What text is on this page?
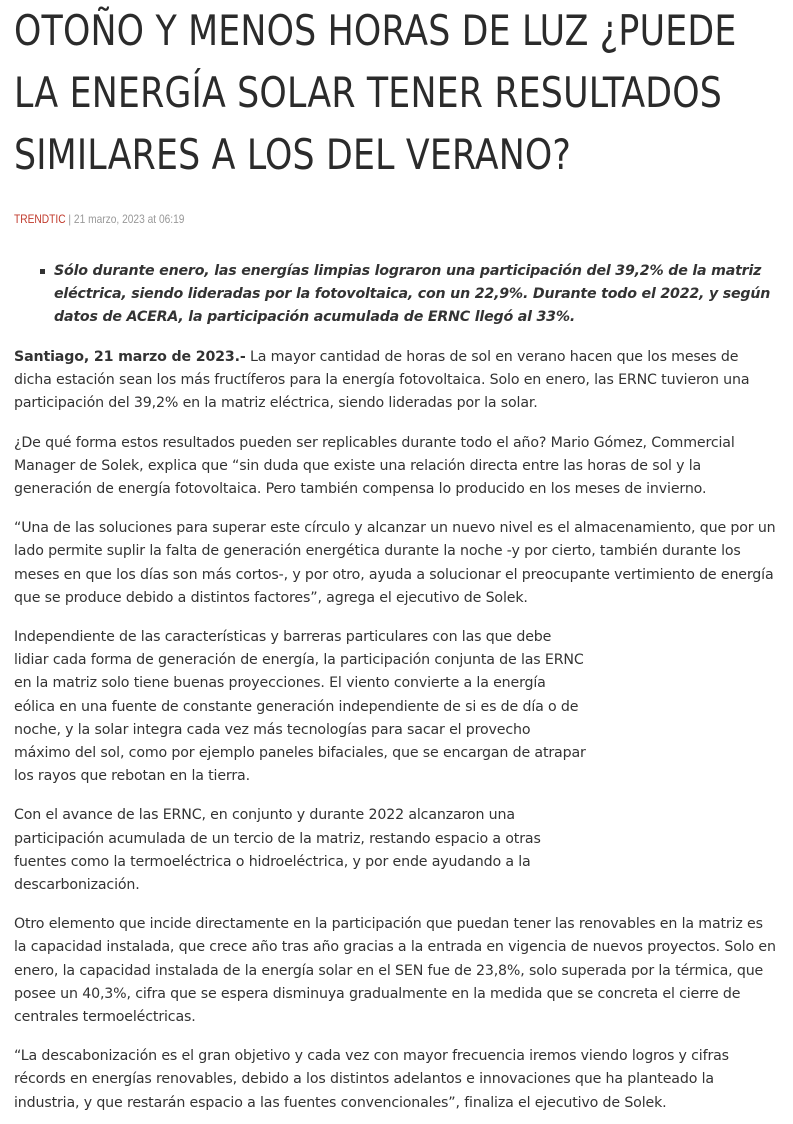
OTOÑO Y MENOS HORAS DE LUZ ¿PUEDE LA ENERGÍA SOLAR TENER RESULTADOS SIMILARES A LOS DEL VERANO?
TRENDTIC | 21 marzo, 2023 at 06:19
Sólo durante enero, las energías limpias lograron una participación del 39,2% de la matriz eléctrica, siendo lideradas por la fotovoltaica, con un 22,9%. Durante todo el 2022, y según datos de ACERA, la participación acumulada de ERNC llegó al 33%.

Santiago, 21 marzo de 2023.- La mayor cantidad de horas de sol en verano hacen que los meses de dicha estación sean los más fructíferos para la energía fotovoltaica. Solo en enero, las ERNC tuvieron una participación del 39,2% en la matriz eléctrica, siendo lideradas por la solar.

¿De qué forma estos resultados pueden ser replicables durante todo el año? Mario Gómez, Commercial Manager de Solek, explica que “sin duda que existe una relación directa entre las horas de sol y la generación de energía fotovoltaica. Pero también compensa lo producido en los meses de invierno.

“Una de las soluciones para superar este círculo y alcanzar un nuevo nivel es el almacenamiento, que por un lado permite suplir la falta de generación energética durante la noche -y por cierto, también durante los meses en que los días son más cortos-, y por otro, ayuda a solucionar el preocupante vertimiento de energía que se produce debido a distintos factores”, agrega el ejecutivo de Solek.

Independiente de las características y barreras particulares con las que debe lidiar cada forma de generación de energía, la participación conjunta de las ERNC en la matriz solo tiene buenas proyecciones. El viento convierte a la energía eólica en una fuente de constante generación independiente de si es de día o de noche, y la solar integra cada vez más tecnologías para sacar el provecho máximo del sol, como por ejemplo paneles bifaciales, que se encargan de atrapar los rayos que rebotan en la tierra.

Con el avance de las ERNC, en conjunto y durante 2022 alcanzaron una participación acumulada de un tercio de la matriz, restando espacio a otras fuentes como la termoeléctrica o hidroeléctrica, y por ende ayudando a la descarbonización.

Otro elemento que incide directamente en la participación que puedan tener las renovables en la matriz es la capacidad instalada, que crece año tras año gracias a la entrada en vigencia de nuevos proyectos. Solo en enero, la capacidad instalada de la energía solar en el SEN fue de 23,8%, solo superada por la térmica, que posee un 40,3%, cifra que se espera disminuya gradualmente en la medida que se concreta el cierre de centrales termoeléctricas.

“La descabonización es el gran objetivo y cada vez con mayor frecuencia iremos viendo logros y cifras récords en energías renovables, debido a los distintos adelantos e innovaciones que ha planteado la industria, y que restarán espacio a las fuentes convencionales”, finaliza el ejecutivo de Solek.
